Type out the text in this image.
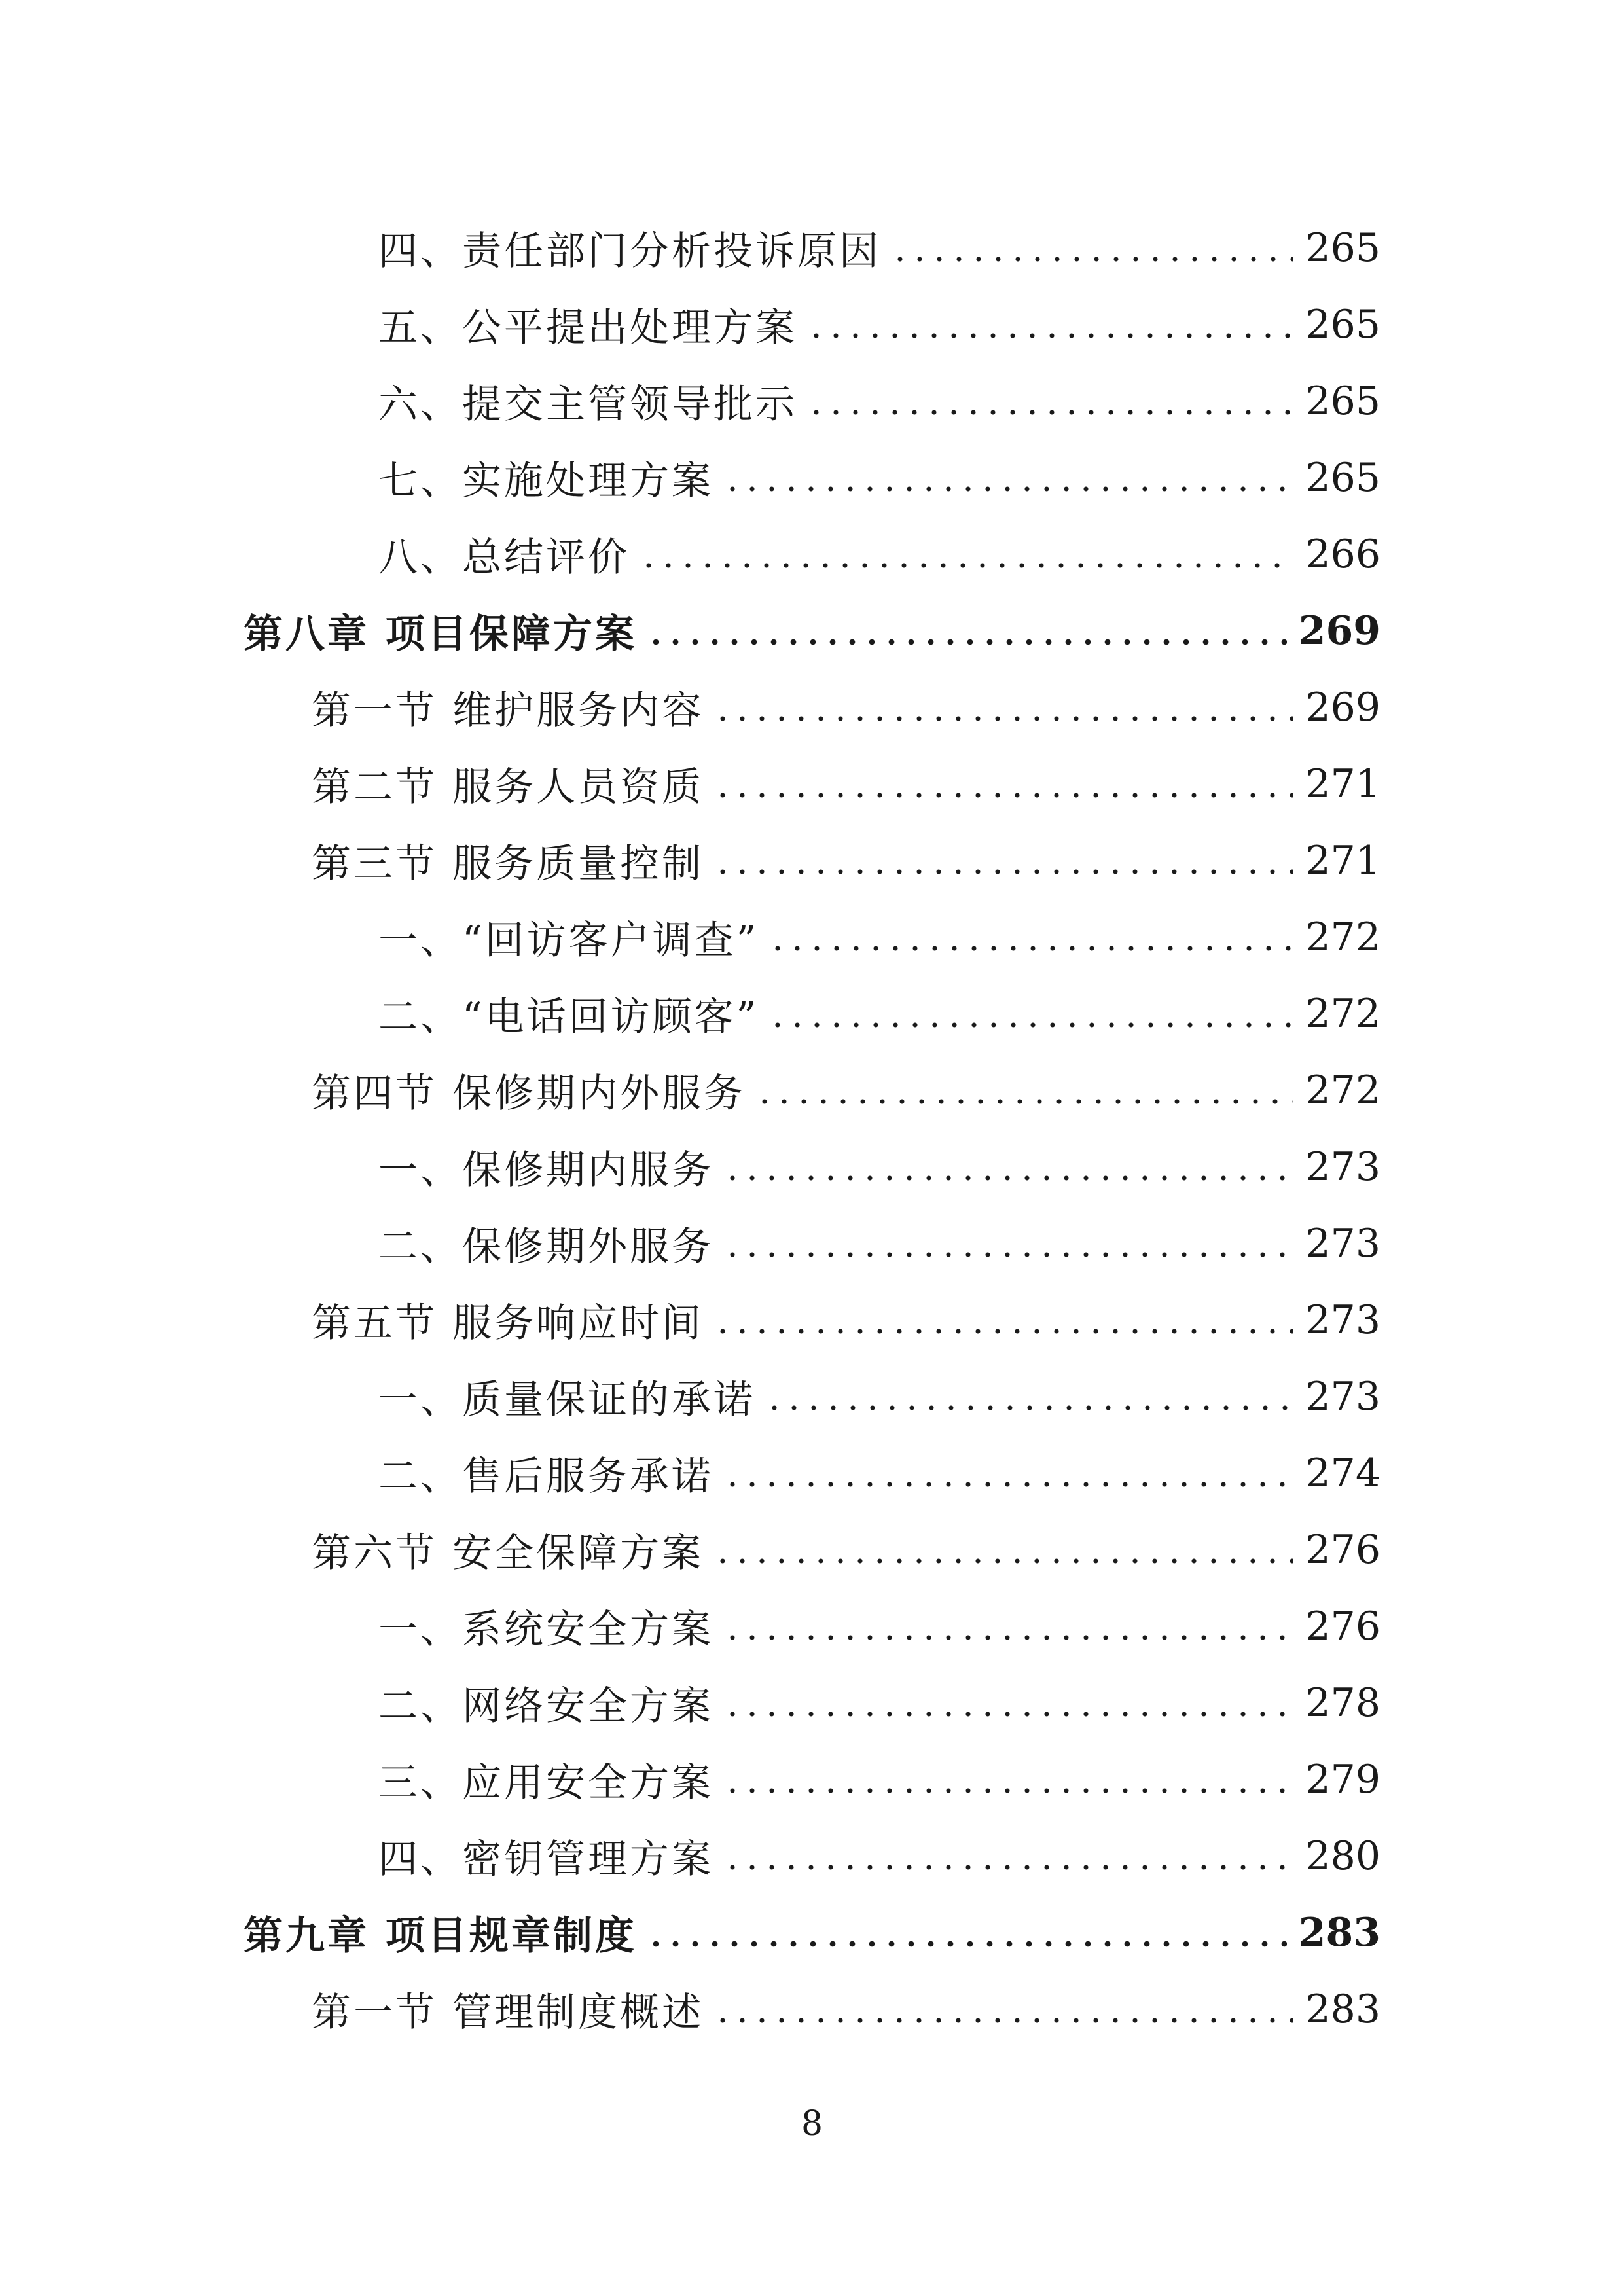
四、责任部门分析投诉原因	265
五、公平提出处理方案	265
六、提交主管领导批示	265
七、实施处理方案	265
八、总结评价	266
第八章 项目保障方案	269
第一节 维护服务内容	269
第二节 服务人员资质	271
第三节 服务质量控制	271
一、“回访客户调查”	272
二、“电话回访顾客”	272
第四节 保修期内外服务	272
一、保修期内服务	273
二、保修期外服务	273
第五节 服务响应时间	273
一、质量保证的承诺	273
二、售后服务承诺	274
第六节 安全保障方案	276
一、系统安全方案	276
二、网络安全方案	278
三、应用安全方案	279
四、密钥管理方案	280
第九章 项目规章制度	283
第一节 管理制度概述	283
8
